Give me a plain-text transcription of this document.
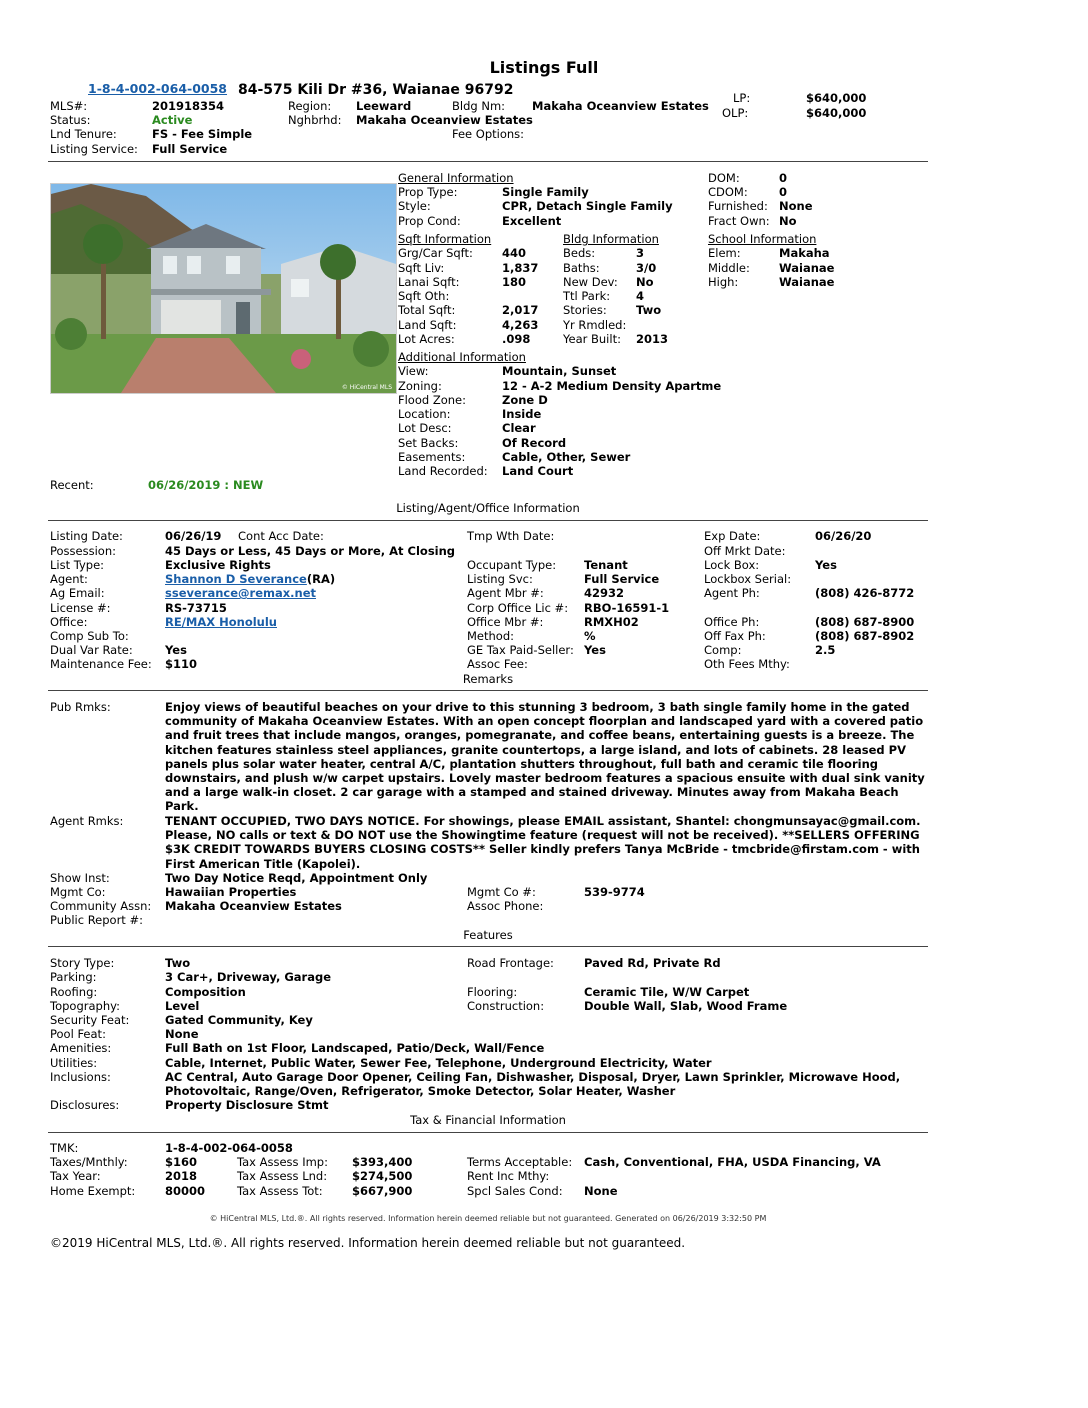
Listings Full
1-8-4-002-064-0058 84-575 Kili Dr #36, Waianae 96792
MLS#:	201918354
Status:	Active
Lnd Tenure:	FS - Fee Simple
Listing Service: Full Service
Region: Leeward
Nghbrhd: Makaha Oceanview Estates
Bldg Nm: Makaha Oceanview Estates
Fee Options:
LP:	$640,000
OLP:	$640,000
© HiCentral MLS
General Information
Prop Type:	Single Family
Style:	CPR, Detach Single Family
Prop Cond:	Excellent
DOM:	0
CDOM:	0
Furnished: None
Fract Own: No
Sqft Information
Grg/Car Sqft:	440
Sqft Liv:	1,837
Lanai Sqft:	180
Sqft Oth:
Total Sqft:	2,017
Land Sqft:	4,263
Lot Acres:	.098
Bldg Information
Beds:	3
Baths:	3/0
New Dev: No
Ttl Park: 4
Stories:	Two
Yr Rmdled:
Year Built: 2013
School Information
Elem:	Makaha
Middle:	Waianae
High:	Waianae
Additional Information
View:	Mountain, Sunset
Zoning:	12 - A-2 Medium Density Apartme
Flood Zone:	Zone D
Location:	Inside
Lot Desc:	Clear
Set Backs:	Of Record
Easements:	Cable, Other, Sewer
Land Recorded: Land Court
Recent:	06/26/2019 : NEW
Listing/Agent/Office Information
Listing Date:	06/26/19 Cont Acc Date:
Possession:	45 Days or Less, 45 Days or More, At Closing
List Type:	Exclusive Rights
Agent:	Shannon D Severance(RA)
Ag Email:	sseverance@remax.net
License #:	RS-73715
Office:	RE/MAX Honolulu
Comp Sub To:
Dual Var Rate:	Yes
Maintenance Fee: $110
Tmp Wth Date:
Occupant Type: Tenant
Listing Svc:	Full Service
Agent Mbr #:	42932
Corp Office Lic #: RBO-16591-1
Office Mbr #:	RMXH02
Method:	%
GE Tax Paid-Seller: Yes
Assoc Fee:
Exp Date:	06/26/20
Off Mrkt Date:
Lock Box:	Yes
Lockbox Serial:
Agent Ph:	(808) 426-8772
Office Ph:	(808) 687-8900
Off Fax Ph:	(808) 687-8902
Comp:	2.5
Oth Fees Mthy:
Remarks
Pub Rmks:	Enjoy views of beautiful beaches on your drive to this stunning 3 bedroom, 3 bath single family home in the gated community of Makaha Oceanview Estates. With an open concept floorplan and landscaped yard with a covered patio and fruit trees that include mangos, oranges, pomegranate, and coffee beans, entertaining guests is a breeze. The kitchen features stainless steel appliances, granite countertops, a large island, and lots of cabinets. 28 leased PV panels plus solar water heater, central A/C, plantation shutters throughout, full bath and ceramic tile flooring downstairs, and plush w/w carpet upstairs. Lovely master bedroom features a spacious ensuite with dual sink vanity and a large walk-in closet. 2 car garage with a stamped and stained driveway. Minutes away from Makaha Beach Park.
Agent Rmks:	TENANT OCCUPIED, TWO DAYS NOTICE. For showings, please EMAIL assistant, Shantel: chongmunsayac@gmail.com. Please, NO calls or text & DO NOT use the Showingtime feature (request will not be received). **SELLERS OFFERING $3K CREDIT TOWARDS BUYERS CLOSING COSTS** Seller kindly prefers Tanya McBride - tmcbride@firstam.com - with First American Title (Kapolei).
Show Inst:	Two Day Notice Reqd, Appointment Only
Mgmt Co:	Hawaiian Properties	Mgmt Co #:	539-9774
Community Assn: Makaha Oceanview Estates	Assoc Phone:
Public Report #:
Features
Story Type:	Two
Parking:	3 Car+, Driveway, Garage
Roofing:	Composition
Topography:	Level
Security Feat:	Gated Community, Key
Pool Feat:	None
Amenities:	Full Bath on 1st Floor, Landscaped, Patio/Deck, Wall/Fence
Utilities:	Cable, Internet, Public Water, Sewer Fee, Telephone, Underground Electricity, Water
Inclusions:	AC Central, Auto Garage Door Opener, Ceiling Fan, Dishwasher, Disposal, Dryer, Lawn Sprinkler, Microwave Hood, Photovoltaic, Range/Oven, Refrigerator, Smoke Detector, Solar Heater, Washer
Disclosures:	Property Disclosure Stmt
Road Frontage:	Paved Rd, Private Rd
Flooring:	Ceramic Tile, W/W Carpet
Construction:	Double Wall, Slab, Wood Frame
Tax & Financial Information
TMK:	1-8-4-002-064-0058
Taxes/Mnthly:	$160
Tax Year:	2018
Home Exempt:	80000
Tax Assess Imp: $393,400
Tax Assess Lnd: $274,500
Tax Assess Tot:	$667,900
Terms Acceptable: Cash, Conventional, FHA, USDA Financing, VA
Rent Inc Mthy:
Spcl Sales Cond: None
© HiCentral MLS, Ltd.®. All rights reserved. Information herein deemed reliable but not guaranteed. Generated on 06/26/2019 3:32:50 PM
©2019 HiCentral MLS, Ltd.®. All rights reserved. Information herein deemed reliable but not guaranteed.
